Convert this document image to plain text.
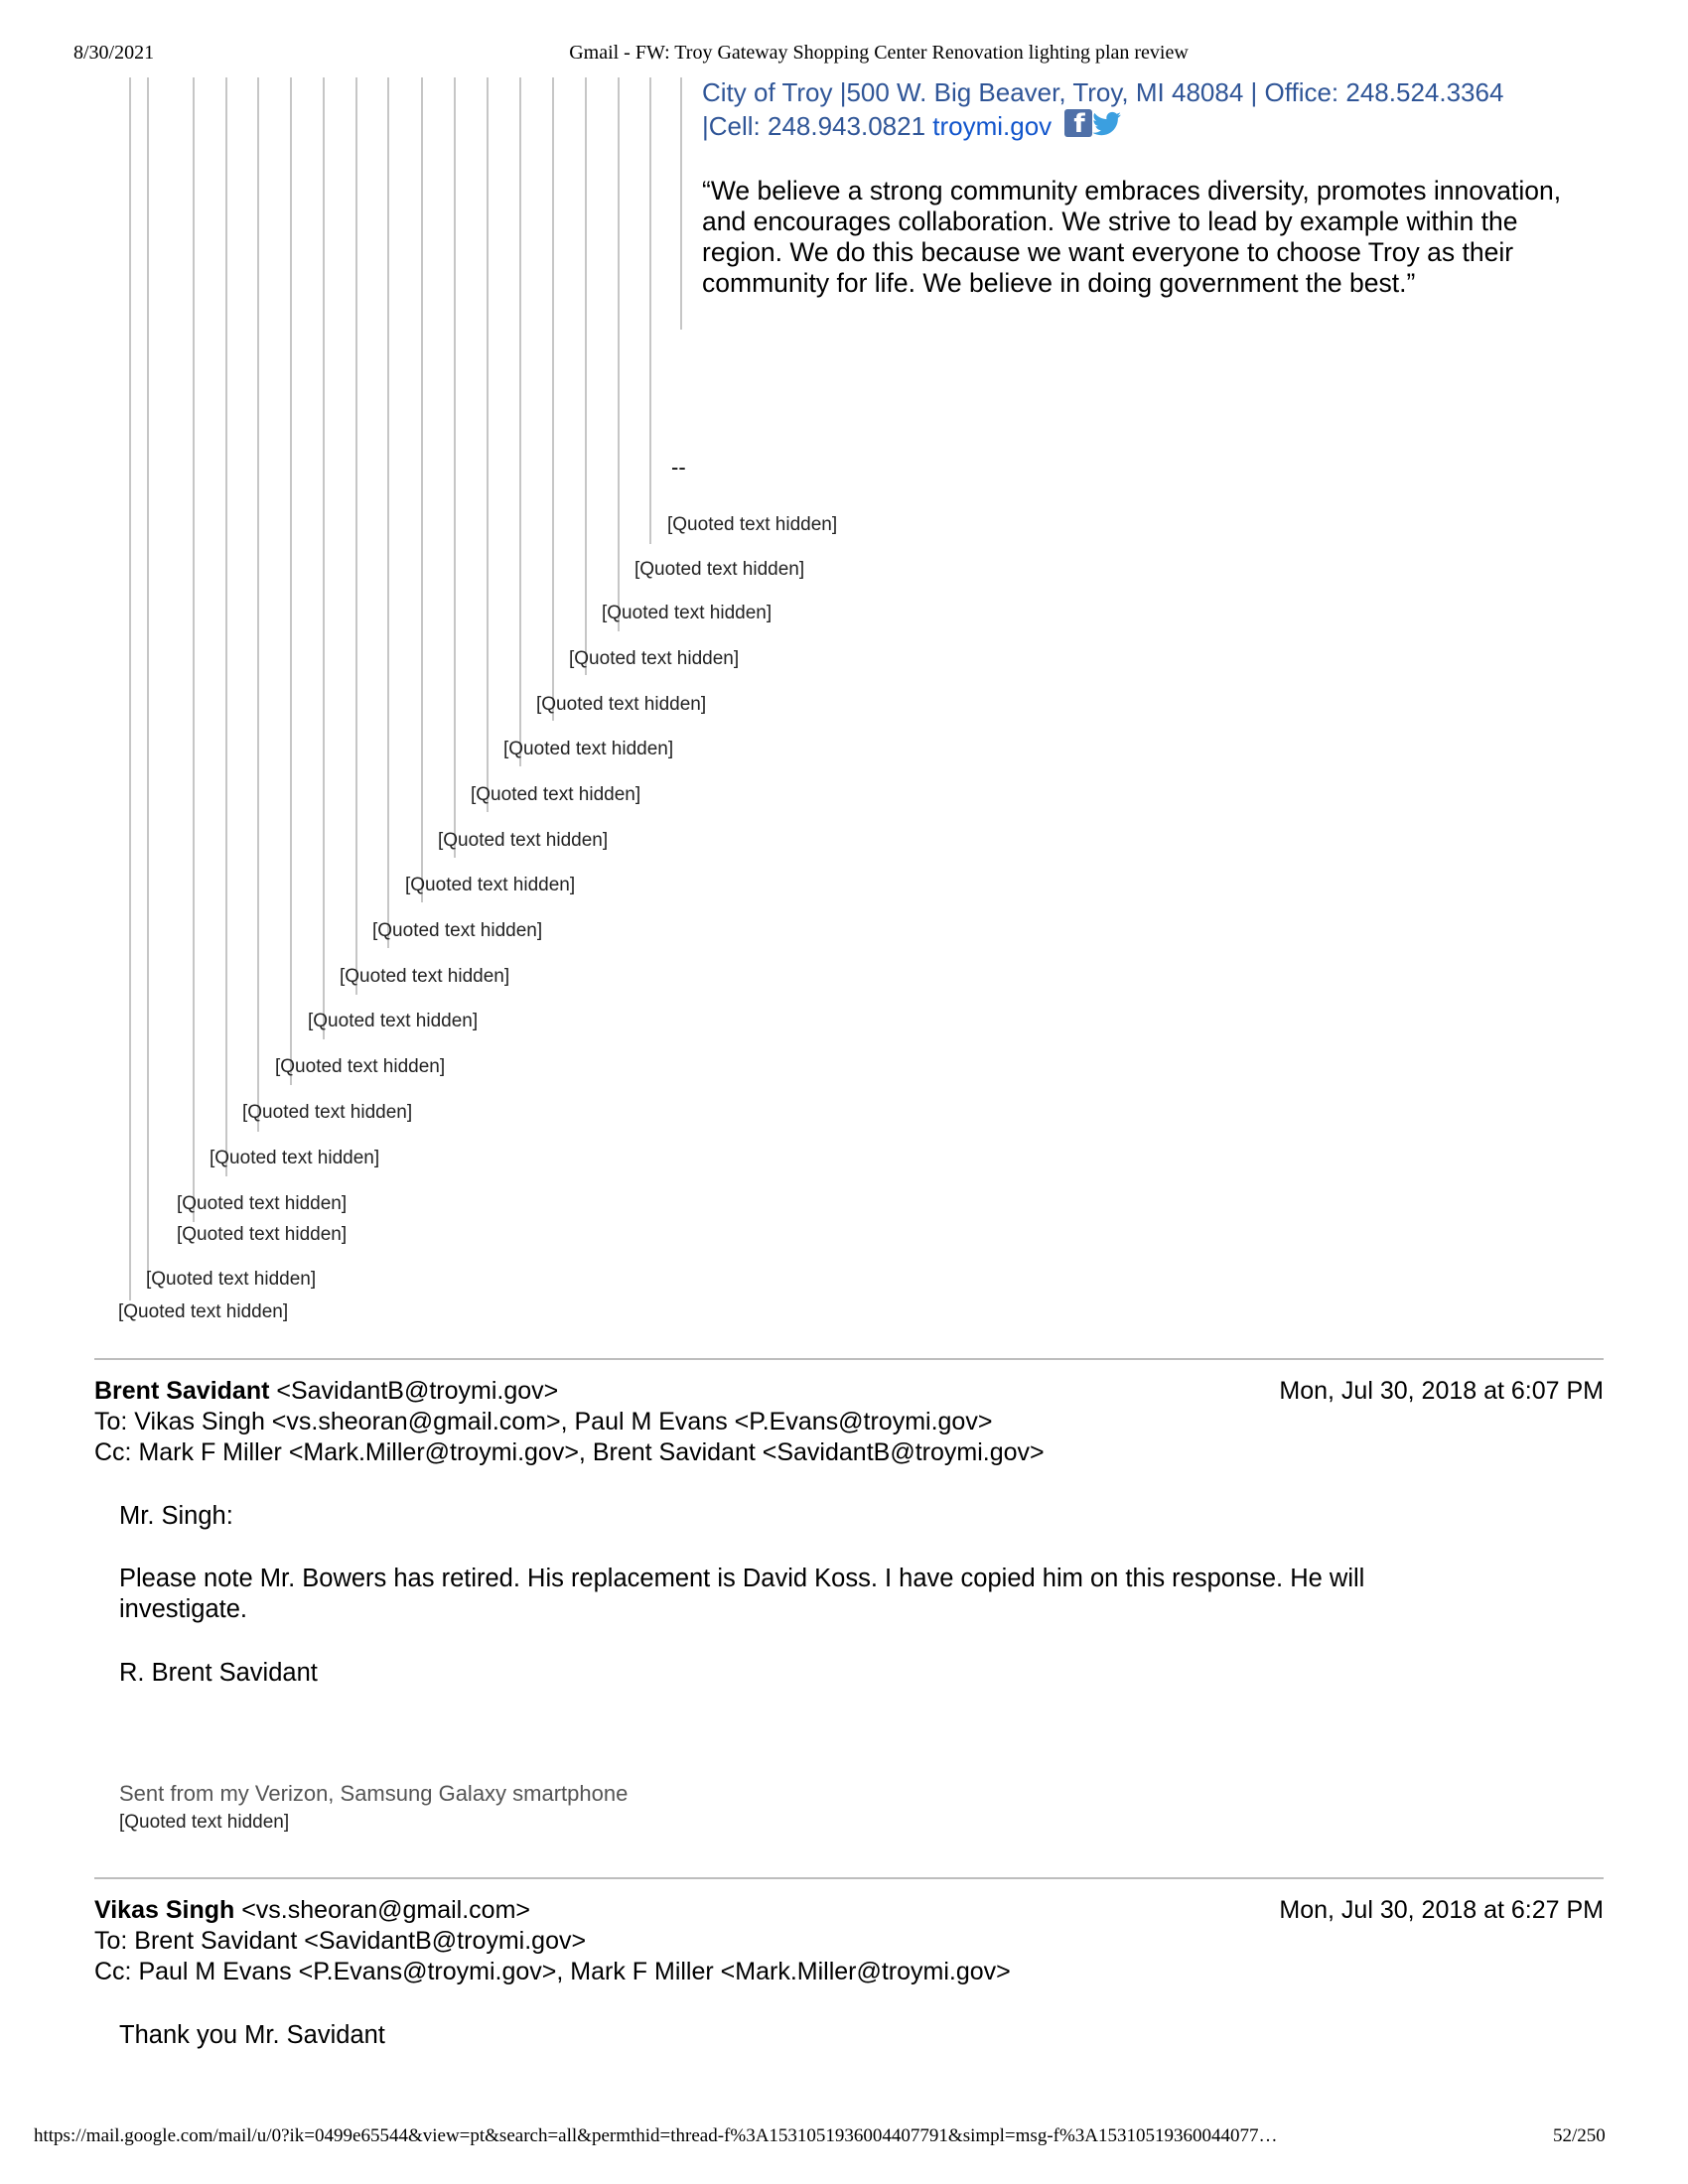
8/30/2021	Gmail - FW: Troy Gateway Shopping Center Renovation lighting plan review
https://mail.google.com/mail/u/0?ik=0499e65544&view=pt&search=all&permthid=thread-f%3A1531051936004407791&simpl=msg-f%3A15310519360044077…	52/250
City of Troy |500 W. Big Beaver, Troy, MI 48084 | Office: 248.524.3364
|Cell: 248.943.0821 troymi.gov f
“We believe a strong community embraces diversity, promotes innovation, and encourages collaboration. We strive to lead by example within the region. We do this because we want everyone to choose Troy as their community for life. We believe in doing government the best.”
--
[Quoted text hidden]
[Quoted text hidden]
[Quoted text hidden]
[Quoted text hidden]
[Quoted text hidden]
[Quoted text hidden]
[Quoted text hidden]
[Quoted text hidden]
[Quoted text hidden]
[Quoted text hidden]
[Quoted text hidden]
[Quoted text hidden]
[Quoted text hidden]
[Quoted text hidden]
[Quoted text hidden]
[Quoted text hidden]
[Quoted text hidden]
[Quoted text hidden]
[Quoted text hidden]
Brent Savidant <SavidantB@troymi.gov>	Mon, Jul 30, 2018 at 6:07 PM
To: Vikas Singh <vs.sheoran@gmail.com>, Paul M Evans <P.Evans@troymi.gov>
Cc: Mark F Miller <Mark.Miller@troymi.gov>, Brent Savidant <SavidantB@troymi.gov>
Mr. Singh:
Please note Mr. Bowers has retired. His replacement is David Koss. I have copied him on this response. He will investigate.
R. Brent Savidant
Sent from my Verizon, Samsung Galaxy smartphone
[Quoted text hidden]
Vikas Singh <vs.sheoran@gmail.com>	Mon, Jul 30, 2018 at 6:27 PM
To: Brent Savidant <SavidantB@troymi.gov>
Cc: Paul M Evans <P.Evans@troymi.gov>, Mark F Miller <Mark.Miller@troymi.gov>
Thank you Mr. Savidant
